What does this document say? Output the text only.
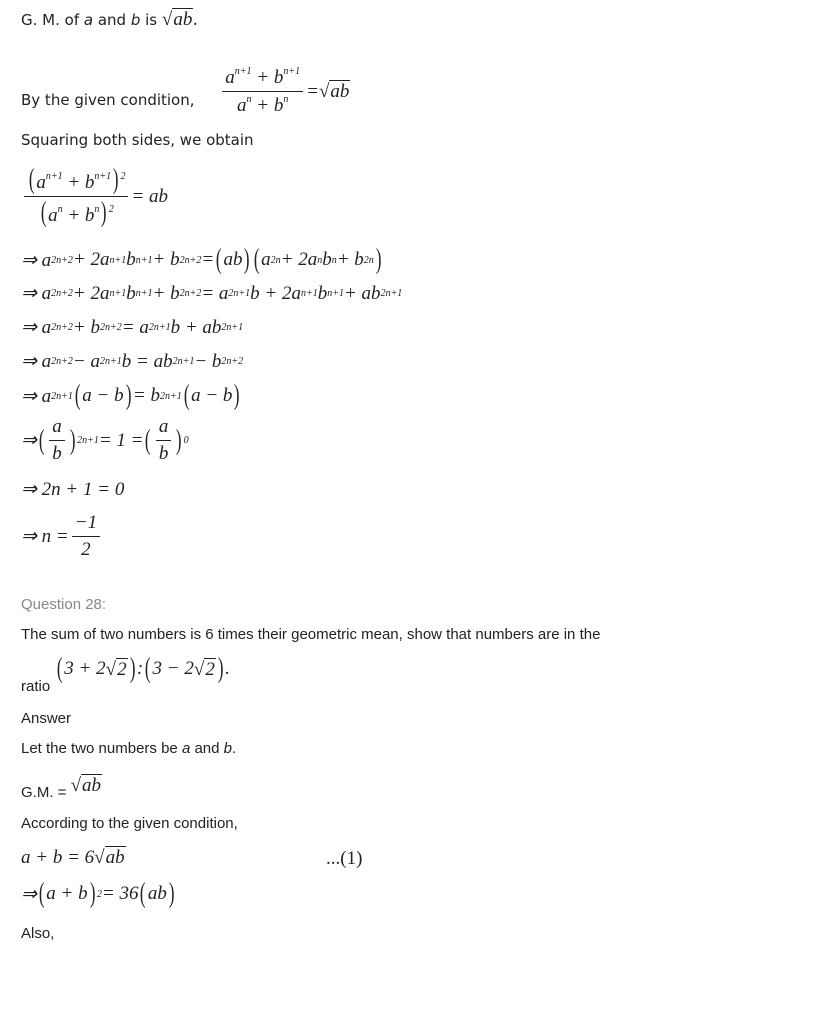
G. M. of a and b is √ ab .
By the given condition, $\frac{a^{n+1} + b^{n+1}}{a^n + b^n}$ = √ ab
Squaring both sides, we obtain
$\frac{(a^{n+1} + b^{n+1}) ^2}{(a^n + b^n) ^2}$ = ab
⇒ a 2n+2 + 2a n+1 b n+1 + b 2n+2 = ( ab ) ( a 2n + 2a n b n + b 2n )
⇒ a 2n+2 + 2a n+1 b n+1 + b 2n+2 = a 2n+1 b + 2a n+1 b n+1 + ab 2n+1
⇒ a 2n+2 + b 2n+2 = a 2n+1 b + ab 2n+1
⇒ a 2n+2 − a 2n+1 b = ab 2n+1 − b 2n+2
⇒ a 2n+1 ( a − b ) = b 2n+1 ( a − b )
⇒ ( $\frac{a}{b}$ ) 2n+1 = 1 = ( $\frac{a}{b}$ ) 0
⇒ 2n + 1 = 0
⇒ $n = \frac{-1}{2}$
Question 28:
The sum of two numbers is 6 times their geometric mean, show that numbers are in the
ratio
( 3 + 2 √ 2 ) : ( 3 − 2 √ 2 ) .
Answer
Let the two numbers be a and b.
G.M. = √ ab
According to the given condition,
a + b = 6 √ ab	...(1)
⇒ ( a + b ) 2 = 36 ( ab )
Also,
